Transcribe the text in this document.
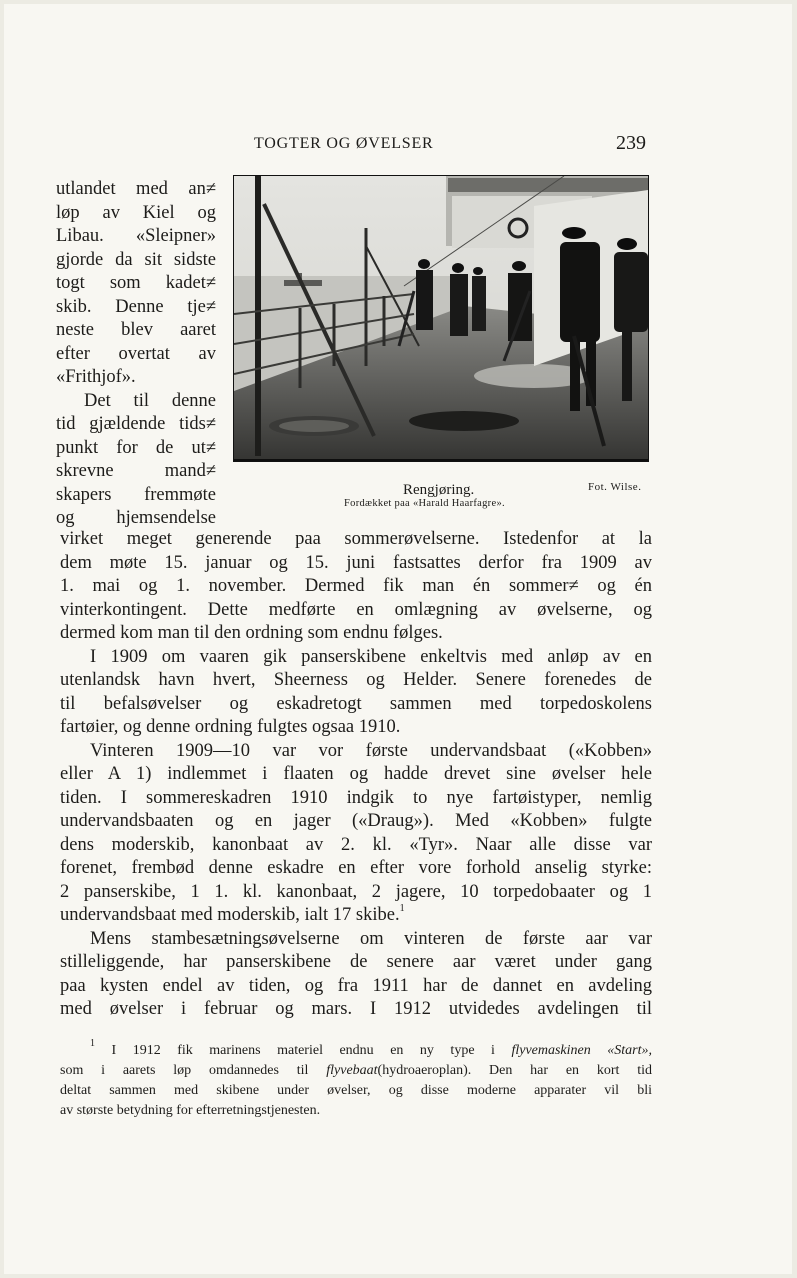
TOGTER OG ØVELSER	239
utlandet med an≠
løp av Kiel og
Libau. «Sleipner»
gjorde da sit sidste
togt som kadet≠
skib. Denne tje≠
neste blev aaret
efter overtat av
«Frithjof».
Det til denne
tid gjældende tids≠
punkt for de ut≠
skrevne mand≠
skapers fremmøte
og hjemsendelse
Rengjøring.
Fordækket paa «Harald Haarfagre».
Fot. Wilse.
virket meget generende paa sommerøvelserne. Istedenfor at la
dem møte 15. januar og 15. juni fastsattes derfor fra 1909 av
1. mai og 1. november. Dermed fik man én sommer≠ og én
vinterkontingent. Dette medførte en omlægning av øvelserne, og
dermed kom man til den ordning som endnu følges.
I 1909 om vaaren gik panserskibene enkeltvis med anløp av en
utenlandsk havn hvert, Sheerness og Helder. Senere forenedes de
til befalsøvelser og eskadretogt sammen med torpedoskolens
fartøier, og denne ordning fulgtes ogsaa 1910.
Vinteren 1909—10 var vor første undervandsbaat («Kobben»
eller A 1) indlemmet i flaaten og hadde drevet sine øvelser hele
tiden. I sommereskadren 1910 indgik to nye fartøistyper, nemlig
undervandsbaaten og en jager («Draug»). Med «Kobben» fulgte
dens moderskib, kanonbaat av 2. kl. «Tyr». Naar alle disse var
forenet, frembød denne eskadre en efter vore forhold anselig styrke:
2 panserskibe, 1 1. kl. kanonbaat, 2 jagere, 10 torpedobaater og 1
undervandsbaat med moderskib, ialt 17 skibe.$^1$
Mens stambesætningsøvelserne om vinteren de første aar var
stilleliggende, har panserskibene de senere aar været under gang
paa kysten endel av tiden, og fra 1911 har de dannet en avdeling
med øvelser i februar og mars. I 1912 utvidedes avdelingen til
$^1$ I 1912 fik marinens materiel endnu en ny type i flyvemaskinen «Start»,
som i aarets løp omdannedes til flyvebaat(hydroaeroplan). Den har en kort tid
deltat sammen med skibene under øvelser, og disse moderne apparater vil bli
av største betydning for efterretningstjenesten.
